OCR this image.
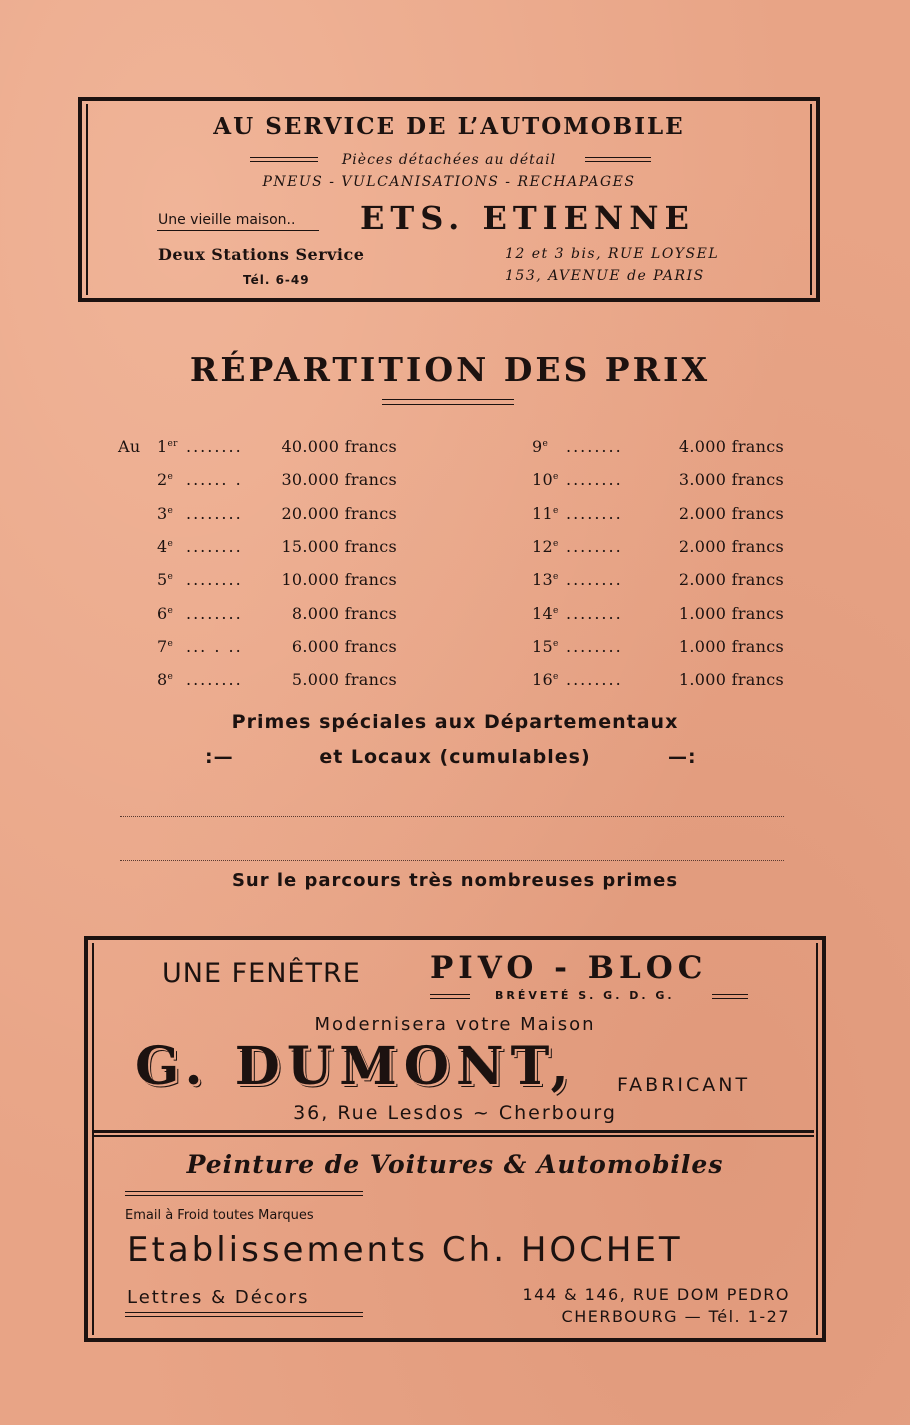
AU SERVICE DE L’AUTOMOBILE
Pièces détachées au détail
PNEUS - VULCANISATIONS - RECHAPAGES
Une vieille maison.. ETS. ETIENNE
Deux Stations Service
Tél. 6-49
12 et 3 bis, RUE LOYSEL
153, AVENUE de PARIS
RÉPARTITION DES PRIX
Au 1er ........	40.000 francs
2e ...... .	30.000 francs
3e ........	20.000 francs
4e ........	15.000 francs
5e ........	10.000 francs
6e ........	8.000 francs
7e ... . ..	6.000 francs
8e ........	5.000 francs
9e ........	4.000 francs
10e ........	3.000 francs
11e ........	2.000 francs
12e ........	2.000 francs
13e ........	2.000 francs
14e ........	1.000 francs
15e ........	1.000 francs
16e ........	1.000 francs
Primes spéciales aux Départementaux
:—	et Locaux (cumulables)	—:
Sur le parcours très nombreuses primes
UNE FENÊTRE PIVO - BLOC
BRÉVETÉ S. G. D. G.
Modernisera votre Maison
G. DUMONT, FABRICANT
36, Rue Lesdos ~ Cherbourg
Peinture de Voitures & Automobiles
Email à Froid toutes Marques
Etablissements Ch. HOCHET
Lettres & Décors	144 & 146, RUE DOM PEDRO
CHERBOURG — Tél. 1-27
